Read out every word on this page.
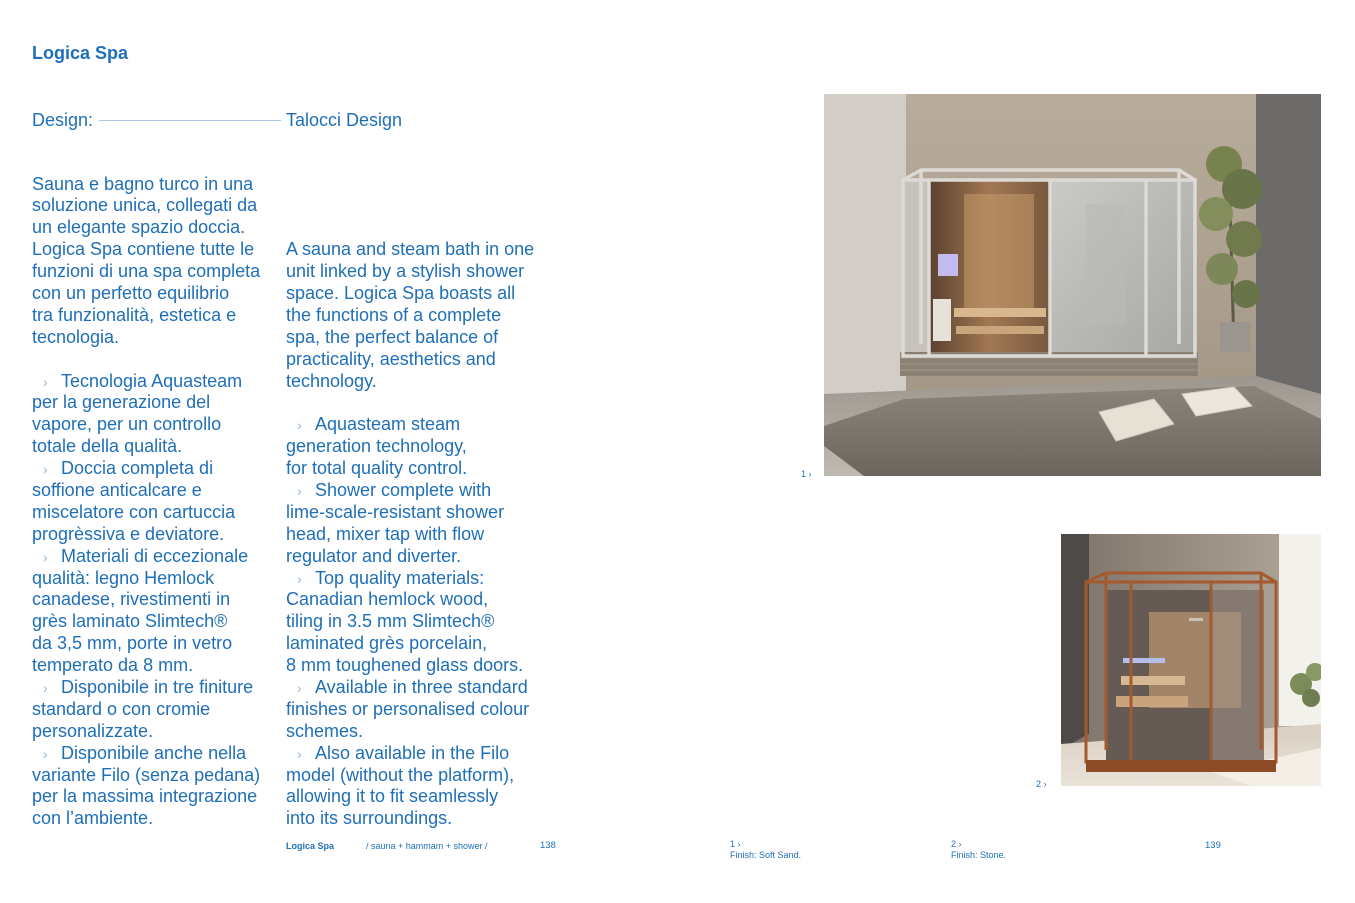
Logica Spa
Design:	Talocci Design
Sauna e bagno turco in una
soluzione unica, collegati da
un elegante spazio doccia.
Logica Spa contiene tutte le
funzioni di una spa completa
con un perfetto equilibrio
tra funzionalità, estetica e
tecnologia.
› Tecnologia Aquasteam
per la generazione del
vapore, per un controllo
totale della qualità.
› Doccia completa di
soffione anticalcare e
miscelatore con cartuccia
progrèssiva e deviatore.
› Materiali di eccezionale
qualità: legno Hemlock
canadese, rivestimenti in
grès laminato Slimtech®
da 3,5 mm, porte in vetro
temperato da 8 mm.
› Disponibile in tre finiture
standard o con cromie
personalizzate.
› Disponibile anche nella
variante Filo (senza pedana)
per la massima integrazione
con l’ambiente.
A sauna and steam bath in one
unit linked by a stylish shower
space. Logica Spa boasts all
the functions of a complete
spa, the perfect balance of
practicality, aesthetics and
technology.
› Aquasteam steam
generation technology,
for total quality control.
› Shower complete with
lime-scale-resistant shower
head, mixer tap with flow
regulator and diverter.
› Top quality materials:
Canadian hemlock wood,
tiling in 3.5 mm Slimtech®
laminated grès porcelain,
8 mm toughened glass doors.
› Available in three standard
finishes or personalised colour
schemes.
› Also available in the Filo
model (without the platform),
allowing it to fit seamlessly
into its surroundings.
1 ›
2 ›
Logica Spa	/ sauna + hammam + shower /	138	1 ›
Finish: Soft Sand.
2 ›
Finish: Stone.
139
